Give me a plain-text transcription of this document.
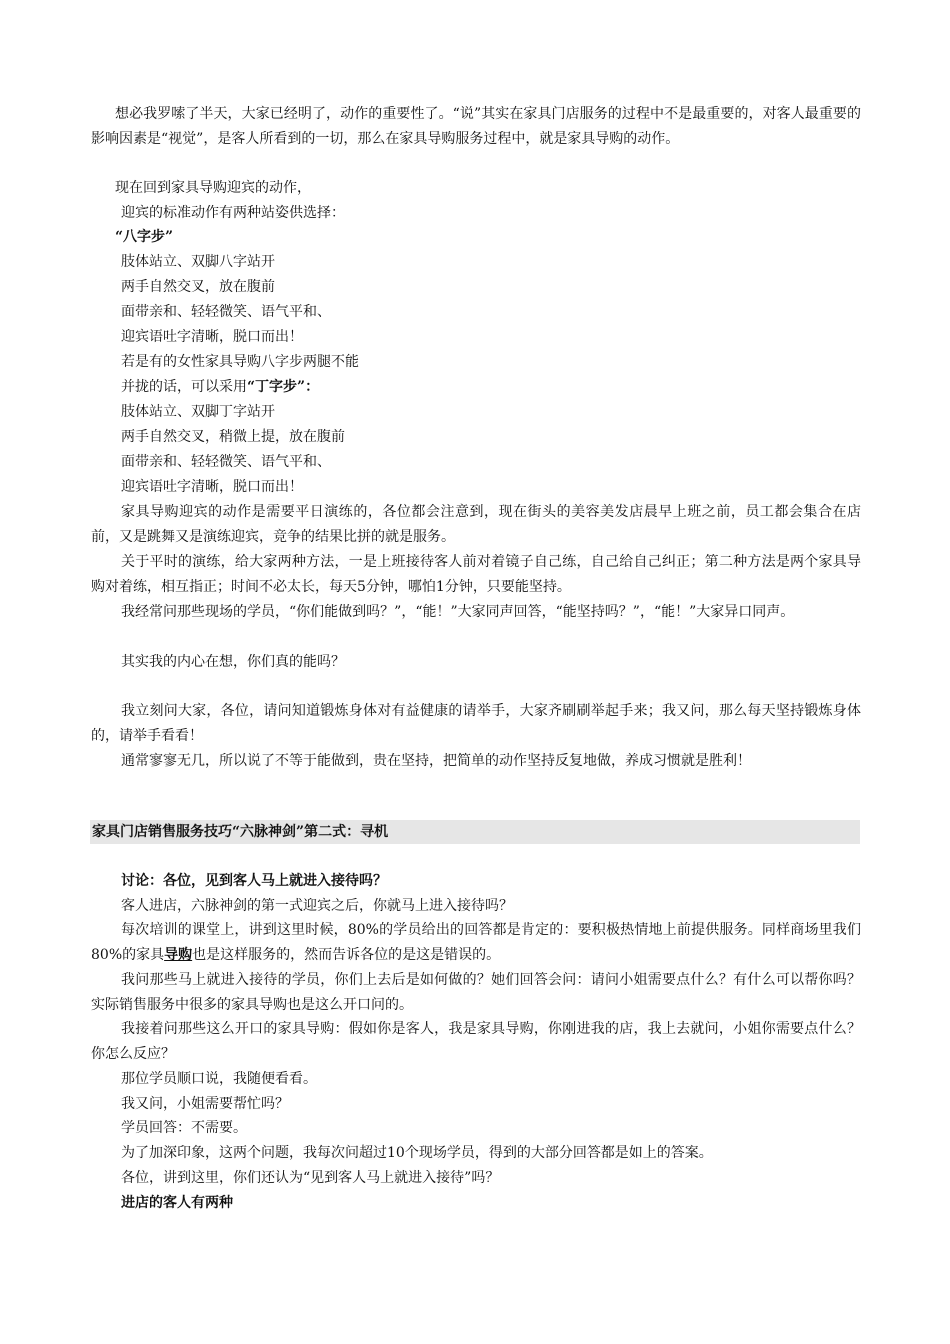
想必我罗嗦了半天，大家已经明了，动作的重要性了。“说”其实在家具门店服务的过程中不是最重要的，对客人最重要的影响因素是“视觉”，是客人所看到的一切，那么在家具导购服务过程中，就是家具导购的动作。

现在回到家具导购迎宾的动作，

迎宾的标准动作有两种站姿供选择：

“八字步”

肢体站立、双脚八字站开

两手自然交叉，放在腹前

面带亲和、轻轻微笑、语气平和、

迎宾语吐字清晰，脱口而出！

若是有的女性家具导购八字步两腿不能

并拢的话，可以采用“丁字步”：

肢体站立、双脚丁字站开

两手自然交叉，稍微上提，放在腹前

面带亲和、轻轻微笑、语气平和、

迎宾语吐字清晰，脱口而出！

家具导购迎宾的动作是需要平日演练的，各位都会注意到，现在街头的美容美发店晨早上班之前，员工都会集合在店前，又是跳舞又是演练迎宾，竞争的结果比拼的就是服务。

关于平时的演练，给大家两种方法，一是上班接待客人前对着镜子自己练，自己给自己纠正；第二种方法是两个家具导购对着练，相互指正；时间不必太长，每天5分钟，哪怕1分钟，只要能坚持。

我经常问那些现场的学员，“你们能做到吗？”，“能！”大家同声回答，“能坚持吗？”，“能！”大家异口同声。

其实我的内心在想，你们真的能吗？

我立刻问大家，各位，请问知道锻炼身体对有益健康的请举手，大家齐刷刷举起手来；我又问，那么每天坚持锻炼身体的，请举手看看！

通常寥寥无几，所以说了不等于能做到，贵在坚持，把简单的动作坚持反复地做，养成习惯就是胜利！

家具门店销售服务技巧“六脉神剑”第二式：寻机

讨论：各位，见到客人马上就进入接待吗？

客人进店，六脉神剑的第一式迎宾之后，你就马上进入接待吗？

每次培训的课堂上，讲到这里时候，80%的学员给出的回答都是肯定的：要积极热情地上前提供服务。同样商场里我们80%的家具导购也是这样服务的，然而告诉各位的是这是错误的。

我问那些马上就进入接待的学员，你们上去后是如何做的？她们回答会问：请问小姐需要点什么？有什么可以帮你吗？实际销售服务中很多的家具导购也是这么开口问的。

我接着问那些这么开口的家具导购：假如你是客人，我是家具导购，你刚进我的店，我上去就问，小姐你需要点什么？你怎么反应？

那位学员顺口说，我随便看看。

我又问，小姐需要帮忙吗？

学员回答：不需要。

为了加深印象，这两个问题，我每次问超过10个现场学员，得到的大部分回答都是如上的答案。

各位，讲到这里，你们还认为“见到客人马上就进入接待”吗？

进店的客人有两种
